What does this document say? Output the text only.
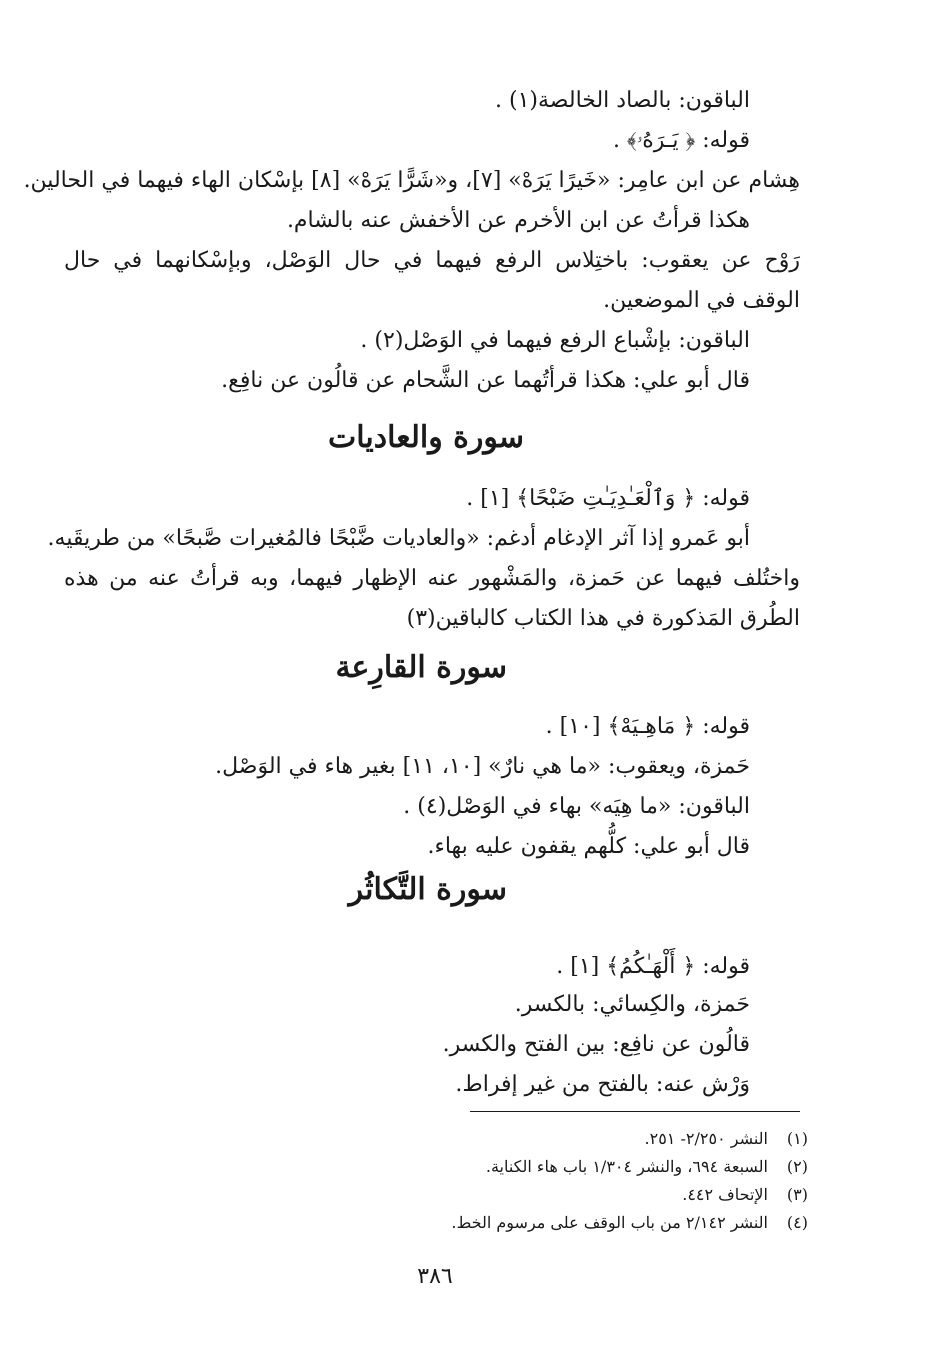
الباقون: بالصاد الخالصة(١) .
قوله: ﴿ يَـرَهُۥ﴾ .
هِشام عن ابن عامِر: «خَيرًا يَرَهْ» [٧]، و«شَرًّا يَرَهْ» [٨] بإسْكان الهاء فيهما في الحالين.
هكذا قرأتُ عن ابن الأخرم عن الأخفش عنه بالشام.
رَوْح عن يعقوب: باختِلاس الرفع فيهما في حال الوَصْل، وبإسْكانهما في حال
الوقف في الموضعين.
الباقون: بإشْباع الرفع فيهما في الوَصْل(٢) .
قال أبو علي: هكذا قرأتُهما عن الشَّحام عن قالُون عن نافِع.
سورة والعاديات
قوله: ﴿ وَٱلْعَـٰدِيَـٰتِ ضَبْحًا﴾ [١] .
أبو عَمرو إذا آثر الإدغام أدغم: «والعاديات ضَّبْحًا فالمُغيرات صَّبحًا» من طريقَيه.
واختُلف فيهما عن حَمزة، والمَشْهور عنه الإظهار فيهما، وبه قرأتُ عنه من هذه
الطُرق المَذكورة في هذا الكتاب كالباقين(٣)
سورة القارِعة
قوله: ﴿ مَاهِـيَهْ﴾ [١٠] .
حَمزة، ويعقوب: «ما هي نارٌ» [١٠، ١١] بغير هاء في الوَصْل.
الباقون: «ما هِيَه» بهاء في الوَصْل(٤) .
قال أبو علي: كلُّهم يقفون عليه بهاء.
سورة التَّكاثُر
قوله: ﴿ أَلْهَـٰكُمُ﴾ [١] .
حَمزة، والكِسائي: بالكسر.
قالُون عن نافِع: بين الفتح والكسر.
وَرْش عنه: بالفتح من غير إفراط.
(١)النشر ٢/٢٥٠- ٢٥١.
(٢)السبعة ٦٩٤، والنشر ١/٣٠٤ باب هاء الكناية.
(٣)الإتحاف ٤٤٢.
(٤)النشر ٢/١٤٢ من باب الوقف على مرسوم الخط.
٣٨٦
